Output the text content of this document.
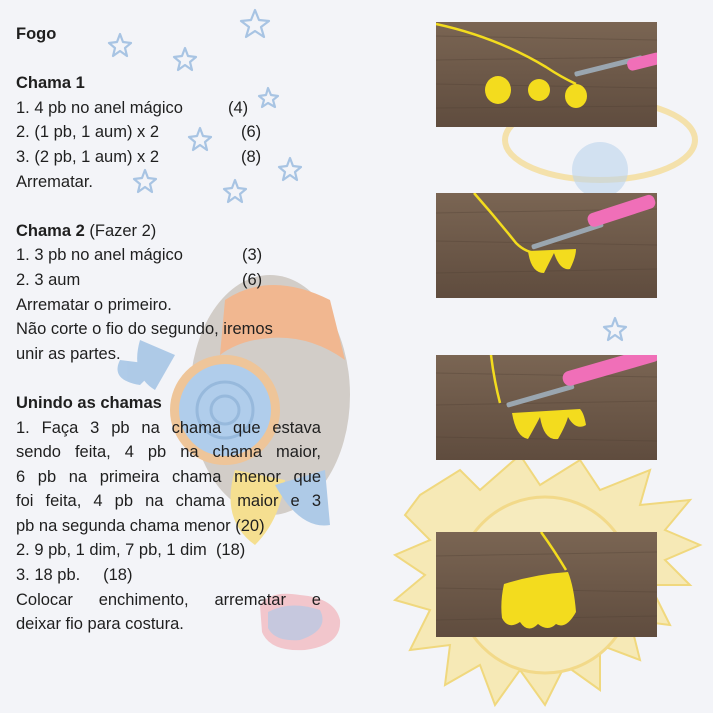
Fogo
Chama 1
1. 4 pb no anel mágico	(4)
2. (1 pb, 1 aum) x 2	(6)
3. (2 pb, 1 aum) x 2	(8)
Arrematar.
Chama 2 (Fazer 2)
1. 3 pb no anel mágico	(3)
2. 3 aum	(6)
Arrematar o primeiro.
Não corte o fio do segundo, iremos
unir as partes.
Unindo as chamas
1. Faça 3 pb na chama que estava
sendo feita, 4 pb na chama maior,
6 pb na primeira chama menor que
foi feita, 4 pb na chama maior e 3
pb na segunda chama menor (20)
2. 9 pb, 1 dim, 7 pb, 1 dim  (18)
3. 18 pb.     (18)
Colocar enchimento, arrematar e
deixar fio para costura.
